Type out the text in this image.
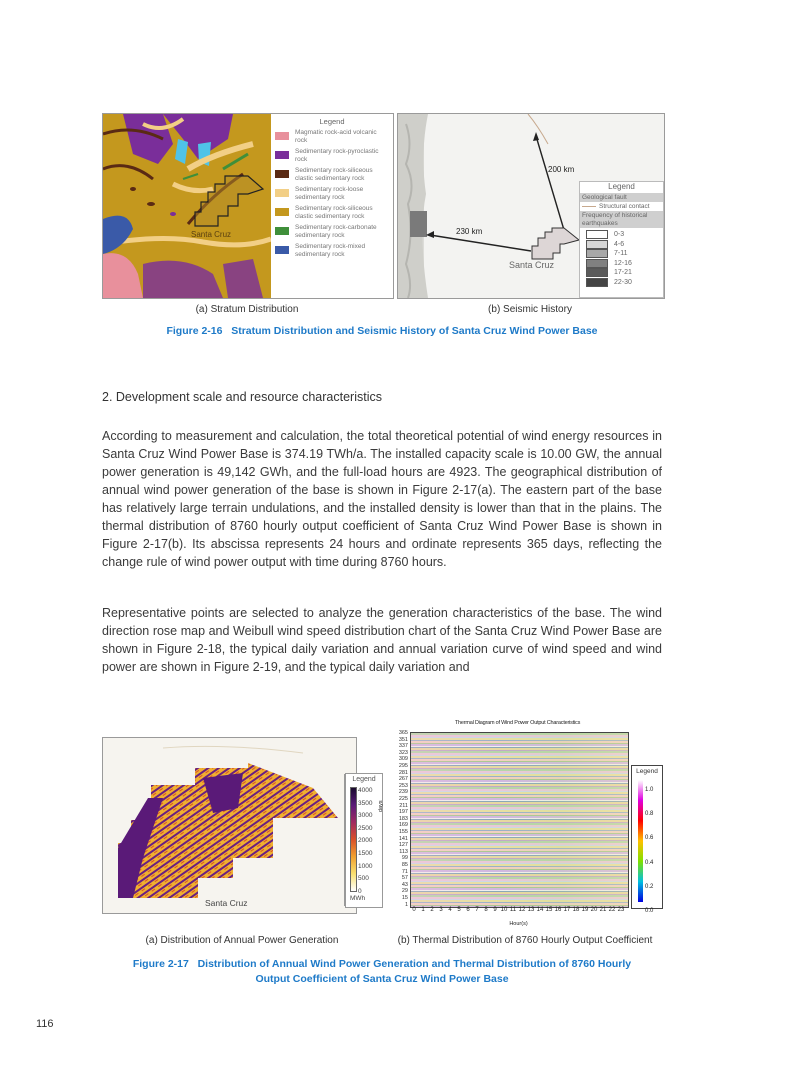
Santa Cruz
Legend
Magmatic rock-acid volcanic rock
Sedimentary rock-pyroclastic rock
Sedimentary rock-siliceous clastic sedimentary rock
Sedimentary rock-loose sedimentary rock
Sedimentary rock-siliceous clastic sedimentary rock
Sedimentary rock-carbonate sedimentary rock
Sedimentary rock-mixed sedimentary rock
200 km
230 km
Santa Cruz
Legend
Geological fault
Structural contact
Frequency of historical earthquakes
0-3
4-6
7-11
12-16
17-21
22-30
(a) Stratum Distribution	(b) Seismic History
Figure 2-16   Stratum Distribution and Seismic History of Santa Cruz Wind Power Base
2. Development scale and resource characteristics

According to measurement and calculation, the total theoretical potential of wind energy resources in Santa Cruz Wind Power Base is 374.19 TWh/a. The installed capacity scale is 10.00 GW, the annual power generation is 49,142 GWh, and the full-load hours are 4923. The geographical distribution of annual wind power generation of the base is shown in Figure 2-17(a). The eastern part of the base has relatively large terrain undulations, and the installed density is lower than that in the plains. The thermal distribution of 8760 hourly output coefficient of Santa Cruz Wind Power Base is shown in Figure 2-17(b). Its abscissa represents 24 hours and ordinate represents 365 days, reflecting the change rule of wind power output with time during 8760 hours.

Representative points are selected to analyze the generation characteristics of the base. The wind direction rose map and Weibull wind speed distribution chart of the Santa Cruz Wind Power Base are shown in Figure 2-18, the typical daily variation and annual variation curve of wind speed and wind power are shown in Figure 2-19, and the typical daily variation and

Santa Cruz
Legend
4000
3500
3000
2500
2000
1500
1000
500
0
MWh
Thermal Diagram of Wind Power Output Characteristics
365
351
337
323
309
295
281
267
253
239
225
211
197
183
169
155
141
127
113
99
85
71
57
43
29
15
1
days
0 1 2 3 4 5 6 7 8 9 10 11 12 13 14 15 16 17 18 19 20 21 22 23
Hour(s)
Legend
1.0
0.8
0.6
0.4
0.2
0.0
(a) Distribution of Annual Power Generation	(b) Thermal Distribution of 8760 Hourly Output Coefficient
Figure 2-17   Distribution of Annual Wind Power Generation and Thermal Distribution of 8760 Hourly
Output Coefficient of Santa Cruz Wind Power Base
116
